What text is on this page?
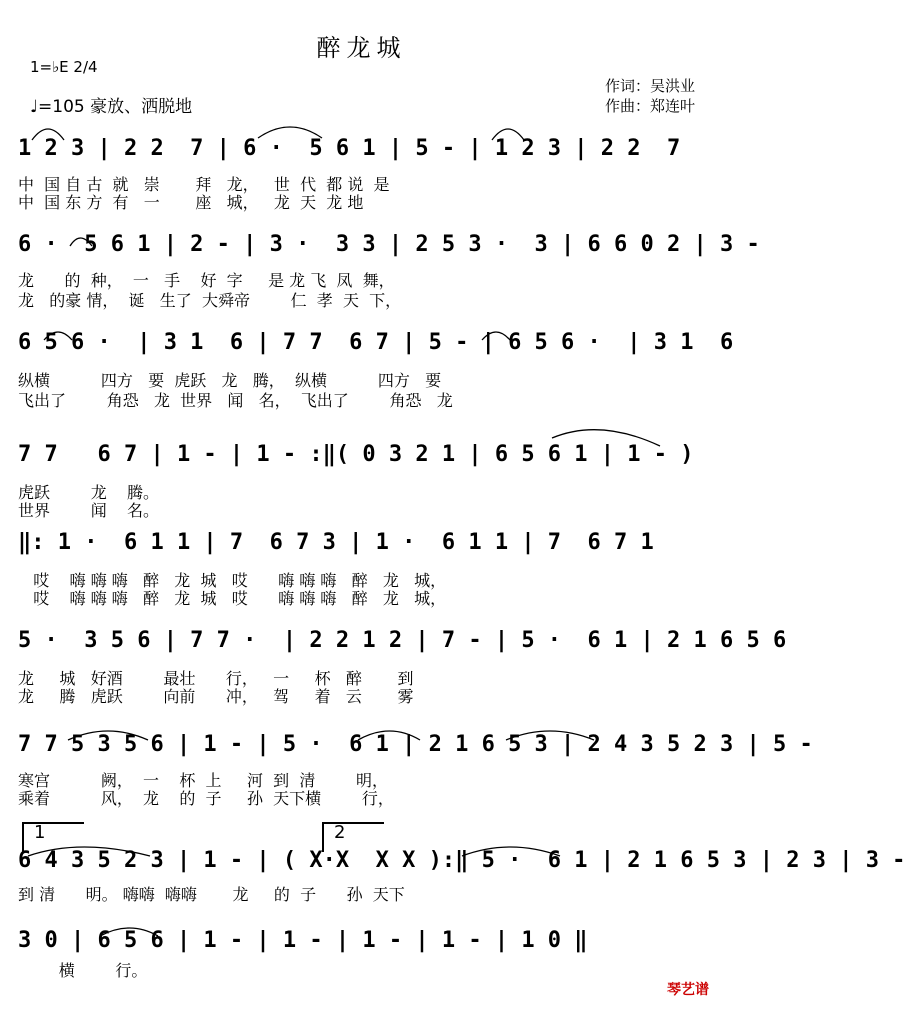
醉龙城
1=♭E 2/4
♩=105 豪放、洒脱地
作词：吴洪业
作曲：郑连叶
1 2 3 | 2 2  7 | 6 ·  5 6 1 | 5 - | 1 2 3 | 2 2  7
中  国 自 古  就   崇       拜   龙，   世  代  都 说  是
中  国 东 方  有   一       座   城，   龙  天  龙 地
6 ·  5 6 1 | 2 - | 3 ·  3 3 | 2 5 3 ·  3 | 6 6 0 2 | 3 -
龙      的  种，  一   手    好  字     是 龙 飞  凤  舞，
龙   的豪 情，  诞   生了  大舜帝        仁  孝  天  下，
6 5 6 ·  | 3 1  6 | 7 7  6 7 | 5 - | 6 5 6 ·  | 3 1  6
纵横          四方   要  虎跃   龙   腾，  纵横          四方   要
飞出了        角恐   龙  世界   闻   名，  飞出了        角恐   龙
7 7   6 7 | 1 - | 1 - :‖( 0 3 2 1 | 6 5 6 1 | 1 - )
虎跃        龙    腾。
世界        闻    名。
‖: 1 ·  6 1 1 | 7  6 7 3 | 1 ·  6 1 1 | 7  6 7 1
哎    嗨 嗨 嗨   醉   龙  城   哎      嗨 嗨 嗨   醉   龙   城，
哎    嗨 嗨 嗨   醉   龙  城   哎      嗨 嗨 嗨   醉   龙   城，
5 ·  3 5 6 | 7 7 ·  | 2 2 1 2 | 7 - | 5 ·  6 1 | 2 1 6 5 6
龙     城   好酒        最壮      行，   一     杯   醉       到
龙     腾   虎跃        向前      冲，   驾     着   云       雾
7 7 5 3 5 6 | 1 - | 5 ·  6 1 | 2 1 6 5 3 | 2 4 3 5 2 3 | 5 -
寒宫          阙，  一    杯  上     河  到  清        明，
乘着          风，  龙    的  子     孙  天下横        行，
1	2
6 4 3 5 2 3 | 1 - | ( X·X  X X ):‖ 5 ·  6 1 | 2 1 6 5 3 | 2 3 | 3 -
到 清      明。 嗨嗨  嗨嗨       龙     的  子      孙  天下
3 0 | 6 5 6 | 1 - | 1 - | 1 - | 1 - | 1 0 ‖
横        行。
琴艺谱
